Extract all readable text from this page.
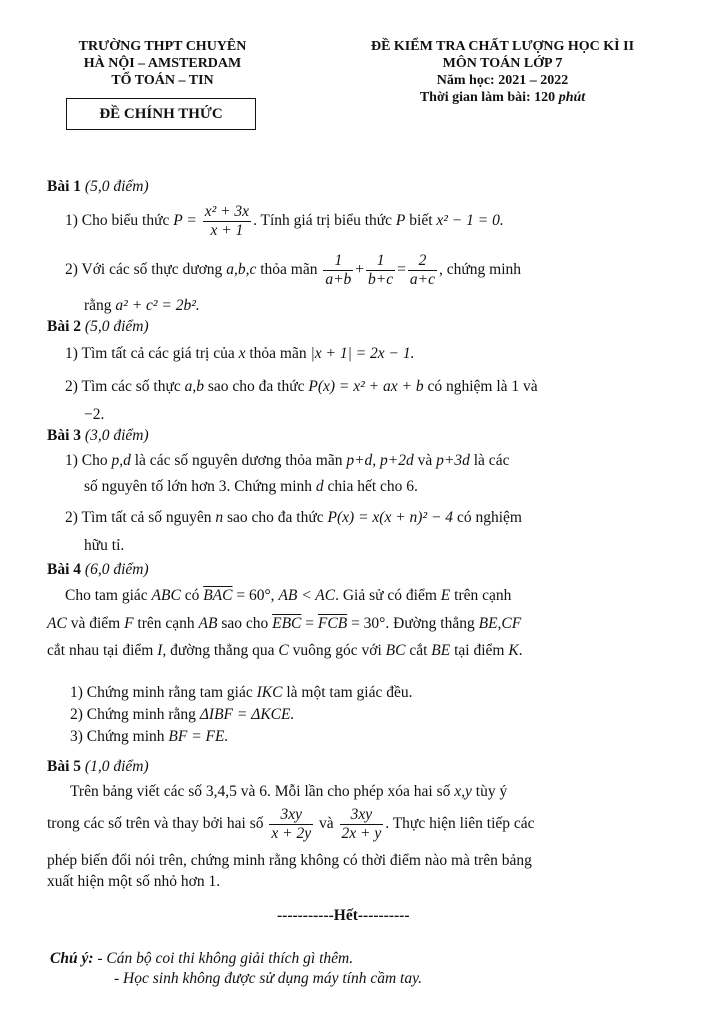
TRƯỜNG THPT CHUYÊN
HÀ NỘI – AMSTERDAM
TỔ TOÁN – TIN
ĐỀ CHÍNH THỨC
ĐỀ KIỂM TRA CHẤT LƯỢNG HỌC KÌ II
MÔN TOÁN LỚP 7
Năm học: 2021 – 2022
Thời gian làm bài: 120 phút
Bài 1 (5,0 điểm)
1) Cho biểu thức $P = \frac{\text{x² + 3x}}{x + 1}$ . Tính giá trị biểu thức P biết x² − 1 = 0.
2) Với các số thực dương a,b,c thỏa mãn $\frac{1}{a+b} + \frac{1}{b+c} = \frac{2}{a+c}$ , chứng minh
rằng a² + c² = 2b².
Bài 2 (5,0 điểm)
1) Tìm tất cả các giá trị của x thỏa mãn |x + 1| = 2x − 1.
2) Tìm các số thực a,b sao cho đa thức P(x) = x² + ax + b có nghiệm là 1 và
−2.
Bài 3 (3,0 điểm)
1) Cho p,d là các số nguyên dương thỏa mãn p+d, p+2d và p+3d là các
số nguyên tố lớn hơn 3. Chứng minh d chia hết cho 6.
2) Tìm tất cả số nguyên n sao cho đa thức P(x) = x(x + n)² − 4 có nghiệm
hữu tỉ.
Bài 4 (6,0 điểm)
Cho tam giác ABC có $\overline{BAC} = 60^\circ$, AB < AC. Giả sử có điểm E trên cạnh
AC và điểm F trên cạnh AB sao cho $\overline{EBC} = \overline{FCB} = 30^\circ$. Đường thẳng BE,CF
cắt nhau tại điểm I, đường thẳng qua C vuông góc với BC cắt BE tại điểm K.
1) Chứng minh rằng tam giác IKC là một tam giác đều.
2) Chứng minh rằng ΔIBF = ΔKCE.
3) Chứng minh BF = FE.
Bài 5 (1,0 điểm)
Trên bảng viết các số 3,4,5 và 6. Mỗi lần cho phép xóa hai số x,y tùy ý
trong các số trên và thay bởi hai số $\frac{3xy}{x + 2y}$ và $\frac{3xy}{2x + y}$ . Thực hiện liên tiếp các
phép biến đổi nói trên, chứng minh rằng không có thời điểm nào mà trên bảng
xuất hiện một số nhỏ hơn 1.
-----------Hết----------
Chú ý: - Cán bộ coi thi không giải thích gì thêm.
- Học sinh không được sử dụng máy tính cầm tay.
